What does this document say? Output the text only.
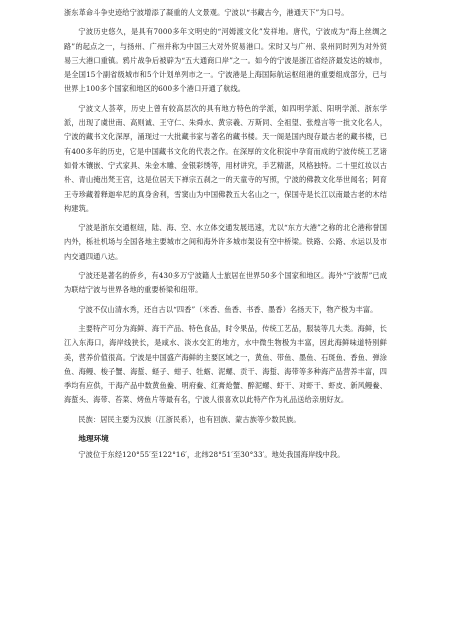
浙东革命斗争史迹给宁波增添了凝重的人文景观。宁波以“书藏古今，港通天下”为口号。

宁波历史悠久，是具有7000多年文明史的“河姆渡文化”发祥地。唐代，宁波成为“海上丝绸之路”的起点之一，与扬州、广州并称为中国三大对外贸易港口。宋时又与广州、泉州同时列为对外贸易三大港口重镇。鸦片战争后被辟为“五大通商口岸”之一。如今的宁波是浙江省经济最发达的城市，是全国15个副省级城市和5个计划单列市之一。宁波港是上海国际航运枢纽港的重要组成部分，已与世界上100多个国家和地区的600多个港口开通了航线。

宁波文人荟萃，历史上曾有较高层次的具有地方特色的学派，如四明学派、阳明学派、浙东学派，出现了虞世南、高则诚、王守仁、朱舜水、黄宗羲、万斯同、全祖望、张煌言等一批文化名人，宁波的藏书文化深厚，涌现过一大批藏书家与著名的藏书楼。天一阁是国内现存最古老的藏书楼，已有400多年的历史，它是中国藏书文化的代表之作。在深厚的文化积淀中孕育而成的宁波传统工艺诸如骨木镶嵌、宁式家具、朱金木雕、金银彩绣等，用材讲究，手艺精湛，风格独特。二十里红妆以古朴、青山掩出梵王宫，这是位居天下禅宗五刹之一的天童寺的写照，宁波的佛教文化举世闻名；阿育王寺珍藏着释迦牟尼的真身舍利，雪窦山为中国佛教五大名山之一，保国寺是长江以南最古老的木结构建筑。

宁波是浙东交通枢纽，陆、海、空、水立体交通发展迅速，尤以“东方大港”之称的北仑港称誉国内外，栎社机场与全国各地主要城市之间和海外许多城市架设有空中桥梁。铁路、公路、水运以及市内交通四通八达。

宁波还是著名的侨乡，有430多万宁波籍人士旅居在世界50多个国家和地区。海外“宁波帮”已成为联结宁波与世界各地的重要桥梁和纽带。

宁波不仅山清水秀，还自古以“四香”（米香、鱼香、书香、墨香）名扬天下，物产极为丰富。

主要特产可分为海鲜、海干产品、特色食品，时令果品，传统工艺品，服装等几大类。海鲜，长江入东海口，海岸线狭长，是咸水、淡水交汇的地方，水中微生物极为丰富，因此海鲜味道特别鲜美，营养价值很高。宁波是中国盛产海鲜的主要区域之一，黄鱼、带鱼、墨鱼、石斑鱼、香鱼、弹涂鱼、海鳗、梭子蟹、海蜇、蛏子、蚶子、牡蛎、泥螺、贡干、海蜇、海带等多种海产品营养丰富，四季均有应供，干海产品中数黄鱼鲞、明府鲞、红膏炝蟹、醉泥螺、虾干、对虾干、虾皮、新风鳗鲞、海蜇头、海带、苔菜、烤鱼片等最有名，宁波人很喜欢以此特产作为礼品送给亲朋好友。

民族：居民主要为汉族（江浙民系），也有回族、蒙古族等少数民族。

地理环境

宁波位于东经120°55′至122°16′，北纬28°51′至30°33′。地处我国海岸线中段。
